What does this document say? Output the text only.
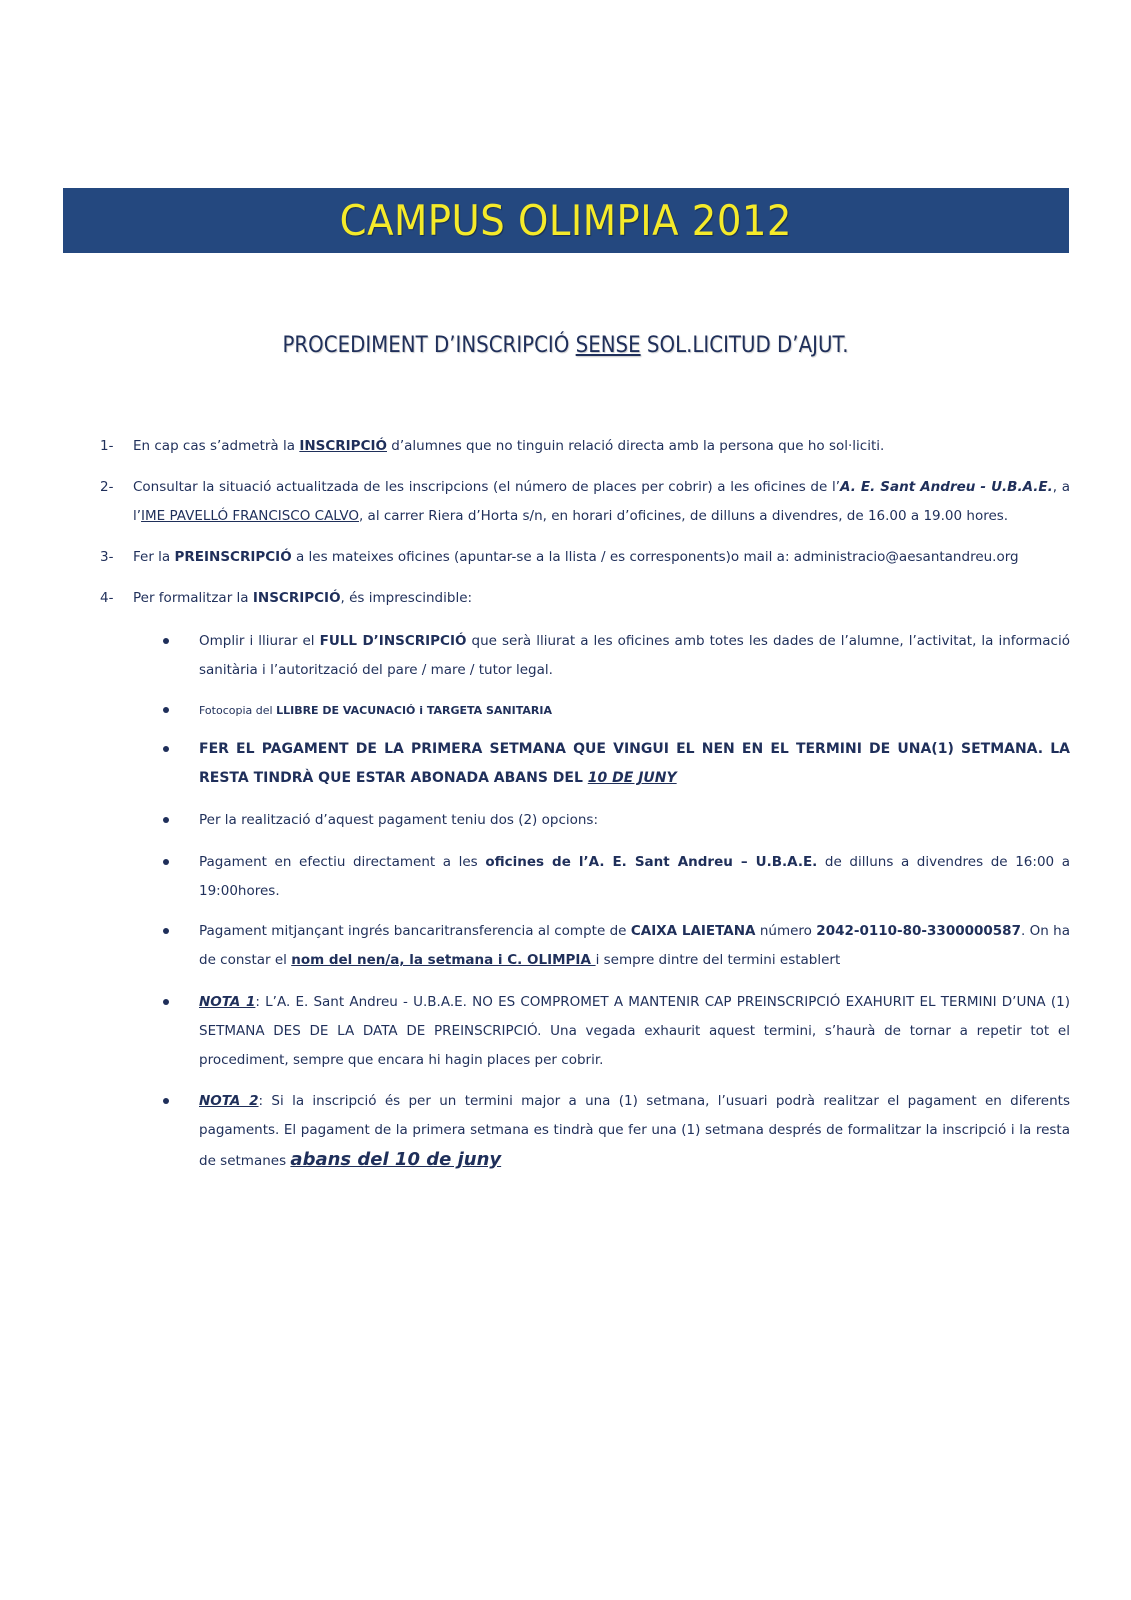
CAMPUS OLIMPIA 2012
PROCEDIMENT D’INSCRIPCIÓ SENSE SOL.LICITUD D’AJUT.
1- En cap cas s’admetrà la INSCRIPCIÓ d’alumnes que no tinguin relació directa amb la persona que ho sol·liciti.
2- Consultar la situació actualitzada de les inscripcions (el número de places per cobrir) a les oficines de l’A. E. Sant Andreu - U.B.A.E., a l’IME PAVELLÓ FRANCISCO CALVO, al carrer Riera d’Horta s/n, en horari d’oficines, de dilluns a divendres, de 16.00 a 19.00 hores.
3- Fer la PREINSCRIPCIÓ a les mateixes oficines (apuntar-se a la llista / es corresponents)o mail a: administracio@aesantandreu.org
4- Per formalitzar la INSCRIPCIÓ, és imprescindible:
Omplir i lliurar el FULL D’INSCRIPCIÓ que serà lliurat a les oficines amb totes les dades de l’alumne, l’activitat, la informació sanitària i l’autorització del pare / mare / tutor legal.
Fotocopia del LLIBRE DE VACUNACIÓ i TARGETA SANITARIA
FER EL PAGAMENT DE LA PRIMERA SETMANA QUE VINGUI EL NEN EN EL TERMINI DE UNA(1) SETMANA. LA RESTA TINDRÀ QUE ESTAR ABONADA ABANS DEL 10 DE JUNY
Per la realització d’aquest pagament teniu dos (2) opcions:
Pagament en efectiu directament a les oficines de l’A. E. Sant Andreu – U.B.A.E. de dilluns a divendres de 16:00 a 19:00hores.
Pagament mitjançant ingrés bancaritransferencia al compte de CAIXA LAIETANA número 2042-0110-80-3300000587. On ha de constar el nom del nen/a, la setmana i C. OLIMPIA i sempre dintre del termini establert
NOTA 1: L’A. E. Sant Andreu - U.B.A.E. NO ES COMPROMET A MANTENIR CAP PREINSCRIPCIÓ EXAHURIT EL TERMINI D’UNA (1) SETMANA DES DE LA DATA DE PREINSCRIPCIÓ. Una vegada exhaurit aquest termini, s’haurà de tornar a repetir tot el procediment, sempre que encara hi hagin places per cobrir.
NOTA 2: Si la inscripció és per un termini major a una (1) setmana, l’usuari podrà realitzar el pagament en diferents pagaments. El pagament de la primera setmana es tindrà que fer una (1) setmana després de formalitzar la inscripció i la resta de setmanes abans del 10 de juny
